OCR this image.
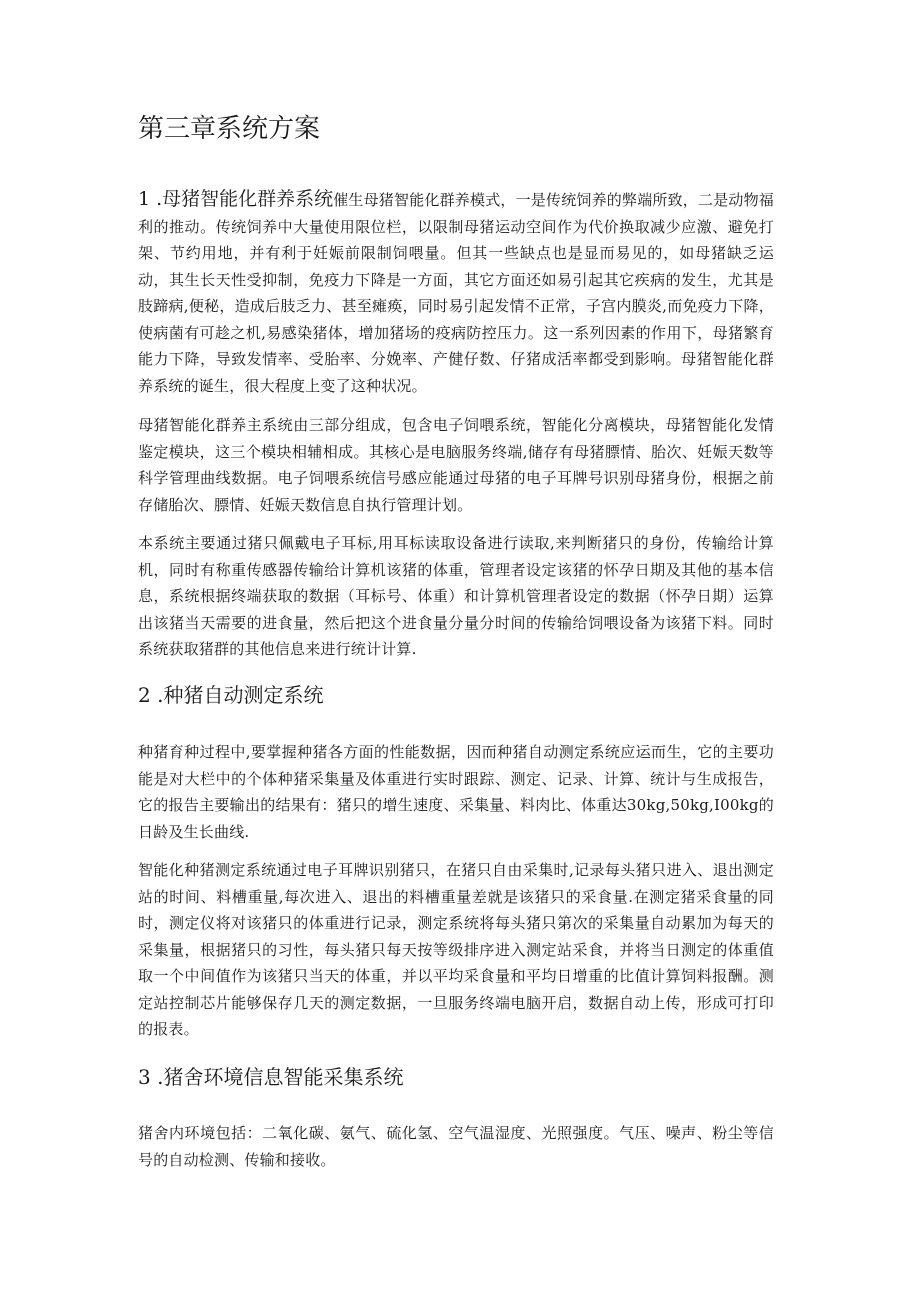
第三章系统方案

1 .母猪智能化群养系统催生母猪智能化群养模式，一是传统饲养的弊端所致，二是动物福利的推动。传统饲养中大量使用限位栏，以限制母猪运动空间作为代价换取减少应激、避免打架、节约用地，并有利于妊娠前限制饲喂量。但其一些缺点也是显而易见的，如母猪缺乏运动，其生长天性受抑制，免疫力下降是一方面，其它方面还如易引起其它疾病的发生，尤其是肢蹄病,便秘，造成后肢乏力、甚至瘫痪，同时易引起发情不正常，子宫内膜炎,而免疫力下降，使病菌有可趁之机,易感染猪体，增加猪场的疫病防控压力。这一系列因素的作用下，母猪繁育能力下降，导致发情率、受胎率、分娩率、产健仔数、仔猪成活率都受到影响。母猪智能化群养系统的诞生，很大程度上变了这种状况。

母猪智能化群养主系统由三部分组成，包含电子饲喂系统，智能化分离模块，母猪智能化发情鉴定模块，这三个模块相辅相成。其核心是电脑服务终端,储存有母猪膘情、胎次、妊娠天数等科学管理曲线数据。电子饲喂系统信号感应能通过母猪的电子耳牌号识别母猪身份，根据之前存储胎次、膘情、妊娠天数信息自执行管理计划。

本系统主要通过猪只佩戴电子耳标,用耳标读取设备进行读取,来判断猪只的身份，传输给计算机，同时有称重传感器传输给计算机该猪的体重，管理者设定该猪的怀孕日期及其他的基本信息，系统根据终端获取的数据（耳标号、体重）和计算机管理者设定的数据（怀孕日期）运算出该猪当天需要的进食量，然后把这个进食量分量分时间的传输给饲喂设备为该猪下料。同时系统获取猪群的其他信息来进行统计计算.

2 .种猪自动测定系统

种猪育种过程中,要掌握种猪各方面的性能数据，因而种猪自动测定系统应运而生，它的主要功能是对大栏中的个体种猪采集量及体重进行实时跟踪、测定、记录、计算、统计与生成报告，它的报告主要输出的结果有：猪只的增生速度、采集量、料肉比、体重达30kg,50kg,I00kg的日龄及生长曲线.

智能化种猪测定系统通过电子耳牌识别猪只，在猪只自由采集时,记录每头猪只进入、退出测定站的时间、料槽重量,每次进入、退出的料槽重量差就是该猪只的采食量.在测定猪采食量的同时，测定仪将对该猪只的体重进行记录，测定系统将每头猪只第次的采集量自动累加为每天的采集量，根据猪只的习性，每头猪只每天按等级排序进入测定站采食，并将当日测定的体重值取一个中间值作为该猪只当天的体重，并以平均采食量和平均日增重的比值计算饲料报酬。测定站控制芯片能够保存几天的测定数据，一旦服务终端电脑开启，数据自动上传，形成可打印的报表。

3 .猪舍环境信息智能采集系统

猪舍内环境包括：二氧化碳、氨气、硫化氢、空气温湿度、光照强度。气压、噪声、粉尘等信号的自动检测、传输和接收。
